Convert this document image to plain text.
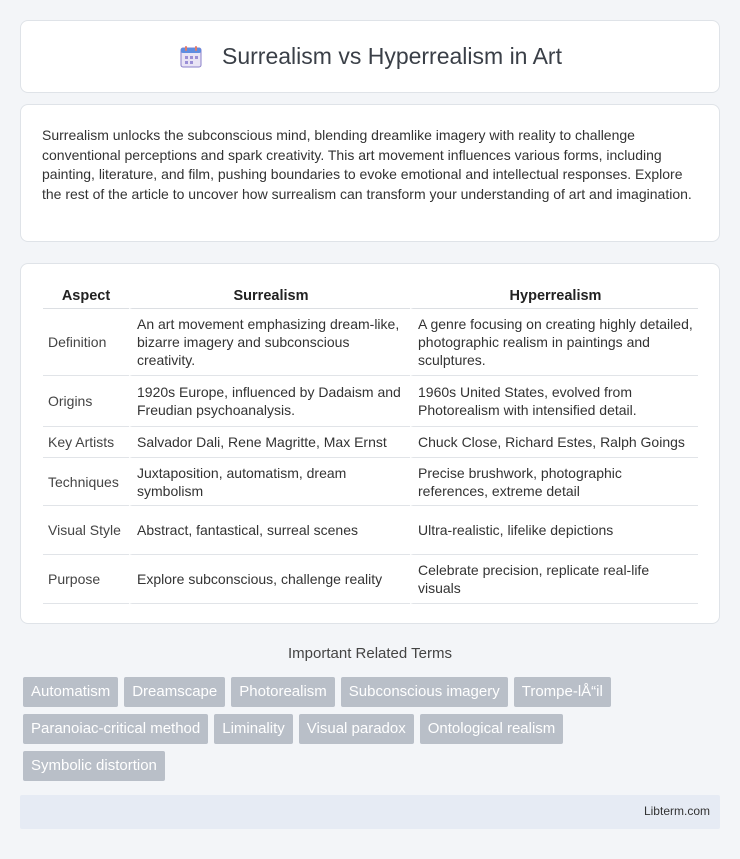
Surrealism vs Hyperrealism in Art

Surrealism unlocks the subconscious mind, blending dreamlike imagery with reality to challenge conventional perceptions and spark creativity. This art movement influences various forms, including painting, literature, and film, pushing boundaries to evoke emotional and intellectual responses. Explore the rest of the article to uncover how surrealism can transform your understanding of art and imagination.

Aspect	Surrealism	Hyperrealism
Definition	An art movement emphasizing dream-like, bizarre imagery and subconscious creativity.	A genre focusing on creating highly detailed, photographic realism in paintings and sculptures.
Origins	1920s Europe, influenced by Dadaism and Freudian psychoanalysis.	1960s United States, evolved from Photorealism with intensified detail.
Key Artists	Salvador Dali, Rene Magritte, Max Ernst	Chuck Close, Richard Estes, Ralph Goings
Techniques	Juxtaposition, automatism, dream symbolism	Precise brushwork, photographic references, extreme detail
Visual Style	Abstract, fantastical, surreal scenes	Ultra-realistic, lifelike depictions
Purpose	Explore subconscious, challenge reality	Celebrate precision, replicate real-life visuals
Important Related Terms
Automatism	Dreamscape	Photorealism	Subconscious imagery	Trompe-lÅ“il
Paranoiac-critical method	Liminality	Visual paradox	Ontological realism
Symbolic distortion
Libterm.com
